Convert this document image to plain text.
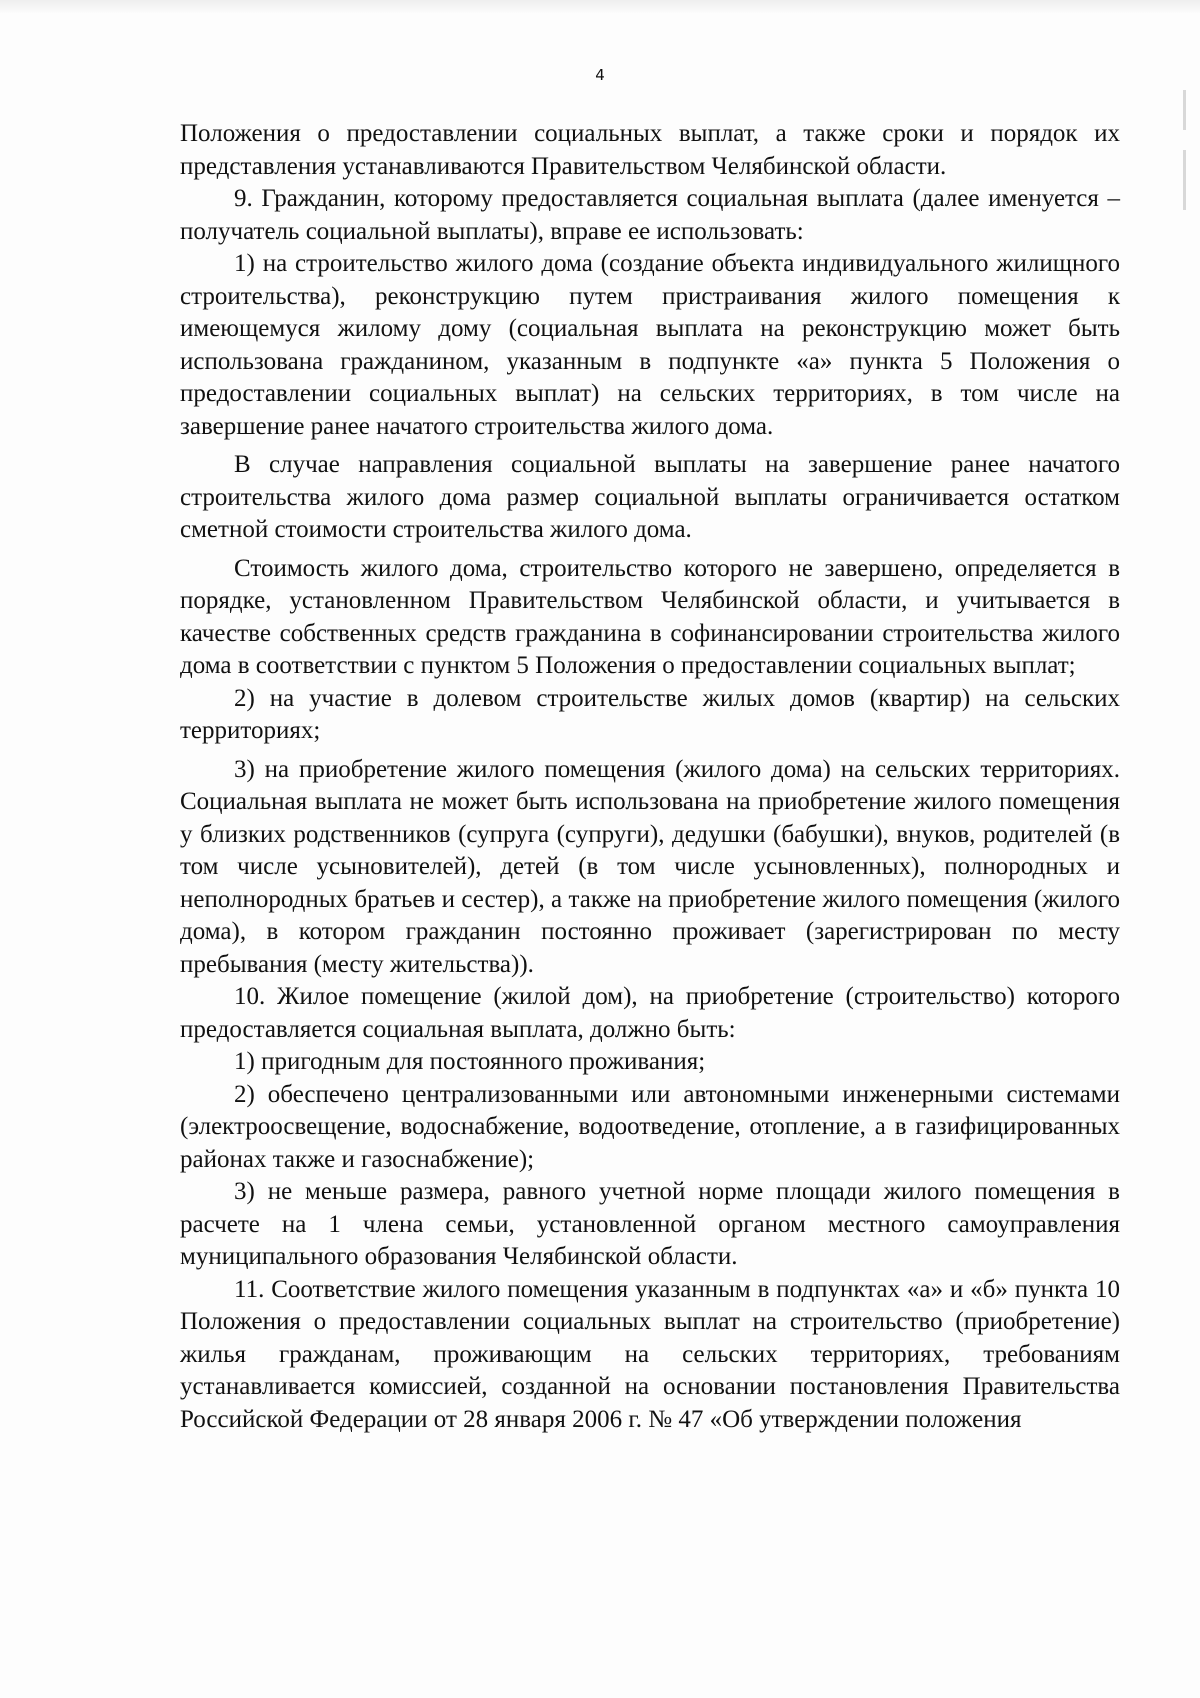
4

Положения о предоставлении социальных выплат, а также сроки и порядок их представления устанавливаются Правительством Челябинской области.

9. Гражданин, которому предоставляется социальная выплата (далее именуется – получатель социальной выплаты), вправе ее использовать:

1) на строительство жилого дома (создание объекта индивидуального жилищного строительства), реконструкцию путем пристраивания жилого помещения к имеющемуся жилому дому (социальная выплата на реконструкцию может быть использована гражданином, указанным в подпункте «а» пункта 5 Положения о предоставлении социальных выплат) на сельских территориях, в том числе на завершение ранее начатого строительства жилого дома.

В случае направления социальной выплаты на завершение ранее начатого строительства жилого дома размер социальной выплаты ограничивается остатком сметной стоимости строительства жилого дома.

Стоимость жилого дома, строительство которого не завершено, определяется в порядке, установленном Правительством Челябинской области, и учитывается в качестве собственных средств гражданина в софинансировании строительства жилого дома в соответствии с пунктом 5 Положения о предоставлении социальных выплат;

2) на участие в долевом строительстве жилых домов (квартир) на сельских территориях;

3) на приобретение жилого помещения (жилого дома) на сельских территориях. Социальная выплата не может быть использована на приобретение жилого помещения у близких родственников (супруга (супруги), дедушки (бабушки), внуков, родителей (в том числе усыновителей), детей (в том числе усыновленных), полнородных и неполнородных братьев и сестер), а также на приобретение жилого помещения (жилого дома), в котором гражданин постоянно проживает (зарегистрирован по месту пребывания (месту жительства)).

10. Жилое помещение (жилой дом), на приобретение (строительство) которого предоставляется социальная выплата, должно быть:

1) пригодным для постоянного проживания;

2) обеспечено централизованными или автономными инженерными системами (электроосвещение, водоснабжение, водоотведение, отопление, а в газифицированных районах также и газоснабжение);

3) не меньше размера, равного учетной норме площади жилого помещения в расчете на 1 члена семьи, установленной органом местного самоуправления муниципального образования Челябинской области.

11. Соответствие жилого помещения указанным в подпунктах «а» и «б» пункта 10 Положения о предоставлении социальных выплат на строительство (приобретение) жилья гражданам, проживающим на сельских территориях, требованиям устанавливается комиссией, созданной на основании постановления Правительства Российской Федерации от 28 января 2006 г. № 47 «Об утверждении положения
